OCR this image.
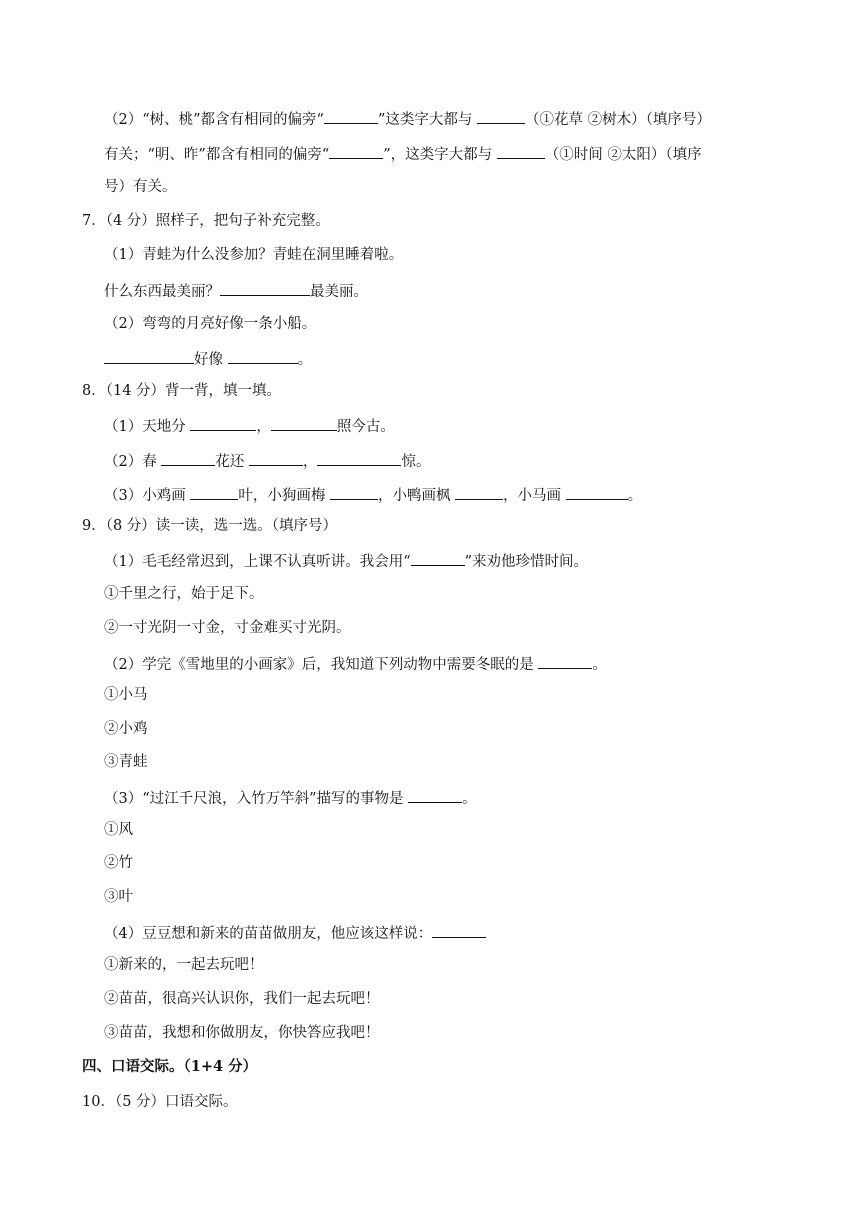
（2）“树、桃”都含有相同的偏旁“	”这类字大都与	（①花草 ②树木）（填序号）
有关；“明、昨”都含有相同的偏旁“	”，这类字大都与	（①时间 ②太阳）（填序
号）有关。
7．（4 分）照样子，把句子补充完整。
（1）青蛙为什么没参加？青蛙在洞里睡着啦。
什么东西最美丽？	最美丽。
（2）弯弯的月亮好像一条小船。
好像	。
8．（14 分）背一背，填一填。
（1）天地分	，	照今古。
（2）春	花还	，	惊。
（3）小鸡画	叶，小狗画梅	，小鸭画枫	，小马画	。
9．（8 分）读一读，选一选。（填序号）
（1）毛毛经常迟到，上课不认真听讲。我会用“	”来劝他珍惜时间。
①千里之行，始于足下。
②一寸光阴一寸金，寸金难买寸光阴。
（2）学完《雪地里的小画家》后，我知道下列动物中需要冬眠的是	。
①小马
②小鸡
③青蛙
（3）“过江千尺浪，入竹万竿斜”描写的事物是	。
①风
②竹
③叶
（4）豆豆想和新来的苗苗做朋友，他应该这样说：
①新来的，一起去玩吧！
②苗苗，很高兴认识你，我们一起去玩吧！
③苗苗，我想和你做朋友，你快答应我吧！
四、口语交际。（1+4 分）
10．（5 分）口语交际。
